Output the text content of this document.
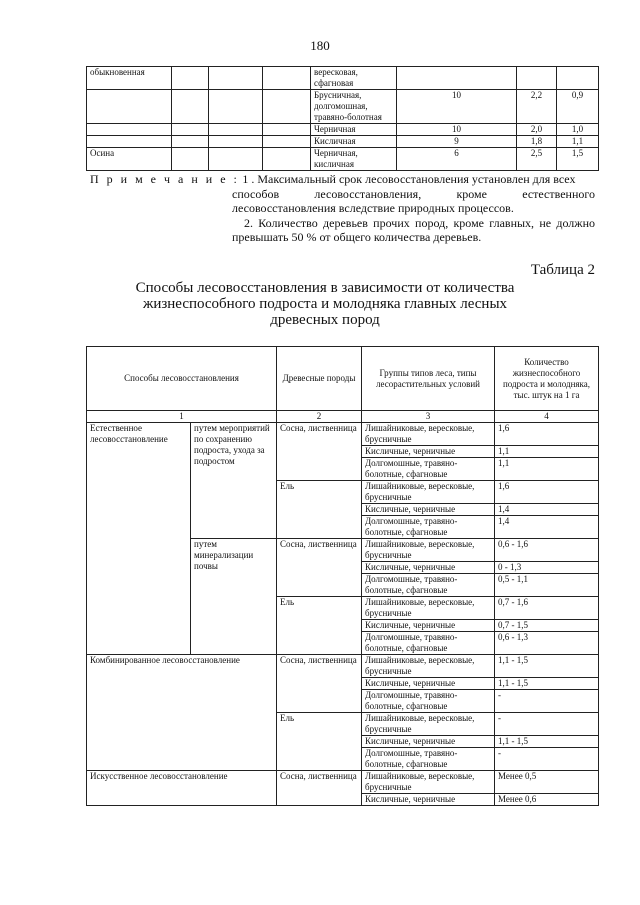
180
обыкновенная				вересковая, сфагновая			
				Брусничная, долгомошная, травяно-болотная	10	2,2	0,9
				Черничная	10	2,0	1,0
				Кисличная	9	1,8	1,1
Осина				Черничная, кисличная	6	2,5	1,5
П р и м е ч а н и е : 1 . Максимальный срок лесовосстановления установлен для всех
способов лесовосстановления, кроме естественного лесовосстановления вследствие природных процессов.
2. Количество деревьев прочих пород, кроме главных, не должно превышать 50 % от общего количества деревьев.
Таблица 2
Способы лесовосстановления в зависимости от количества жизнеспособного подроста и молодняка главных лесных древесных пород
Способы лесовосстановления		Древесные породы	Группы типов леса, типы лесорастительных условий	Количество жизнеспособного подроста и молодняка, тыс. штук на 1 га
1		2	3	4
Естественное лесовосстановление	путем мероприятий по сохранению подроста, ухода за подростом	Сосна, лиственница	Лишайниковые, вересковые, брусничные	1,6
			Кисличные, черничные	1,1
			Долгомошные, травяно-болотные, сфагновые	1,1
		Ель	Лишайниковые, вересковые, брусничные	1,6
			Кисличные, черничные	1,4
			Долгомошные, травяно-болотные, сфагновые	1,4
	путем минерализации почвы	Сосна, лиственница	Лишайниковые, вересковые, брусничные	0,6 - 1,6
			Кисличные, черничные	0 - 1,3
			Долгомошные, травяно-болотные, сфагновые	0,5 - 1,1
		Ель	Лишайниковые, вересковые, брусничные	0,7 - 1,6
			Кисличные, черничные	0,7 - 1,5
			Долгомошные, травяно-болотные, сфагновые	0,6 - 1,3
Комбинированное лесовосстановление		Сосна, лиственница	Лишайниковые, вересковые, брусничные	1,1 - 1,5
			Кисличные, черничные	1,1 - 1,5
			Долгомошные, травяно-болотные, сфагновые	-
		Ель	Лишайниковые, вересковые, брусничные	-
			Кисличные, черничные	1,1 - 1,5
			Долгомошные, травяно-болотные, сфагновые	-
Искусственное лесовосстановление		Сосна, лиственница	Лишайниковые, вересковые, брусничные	Менее 0,5
			Кисличные, черничные	Менее 0,6
